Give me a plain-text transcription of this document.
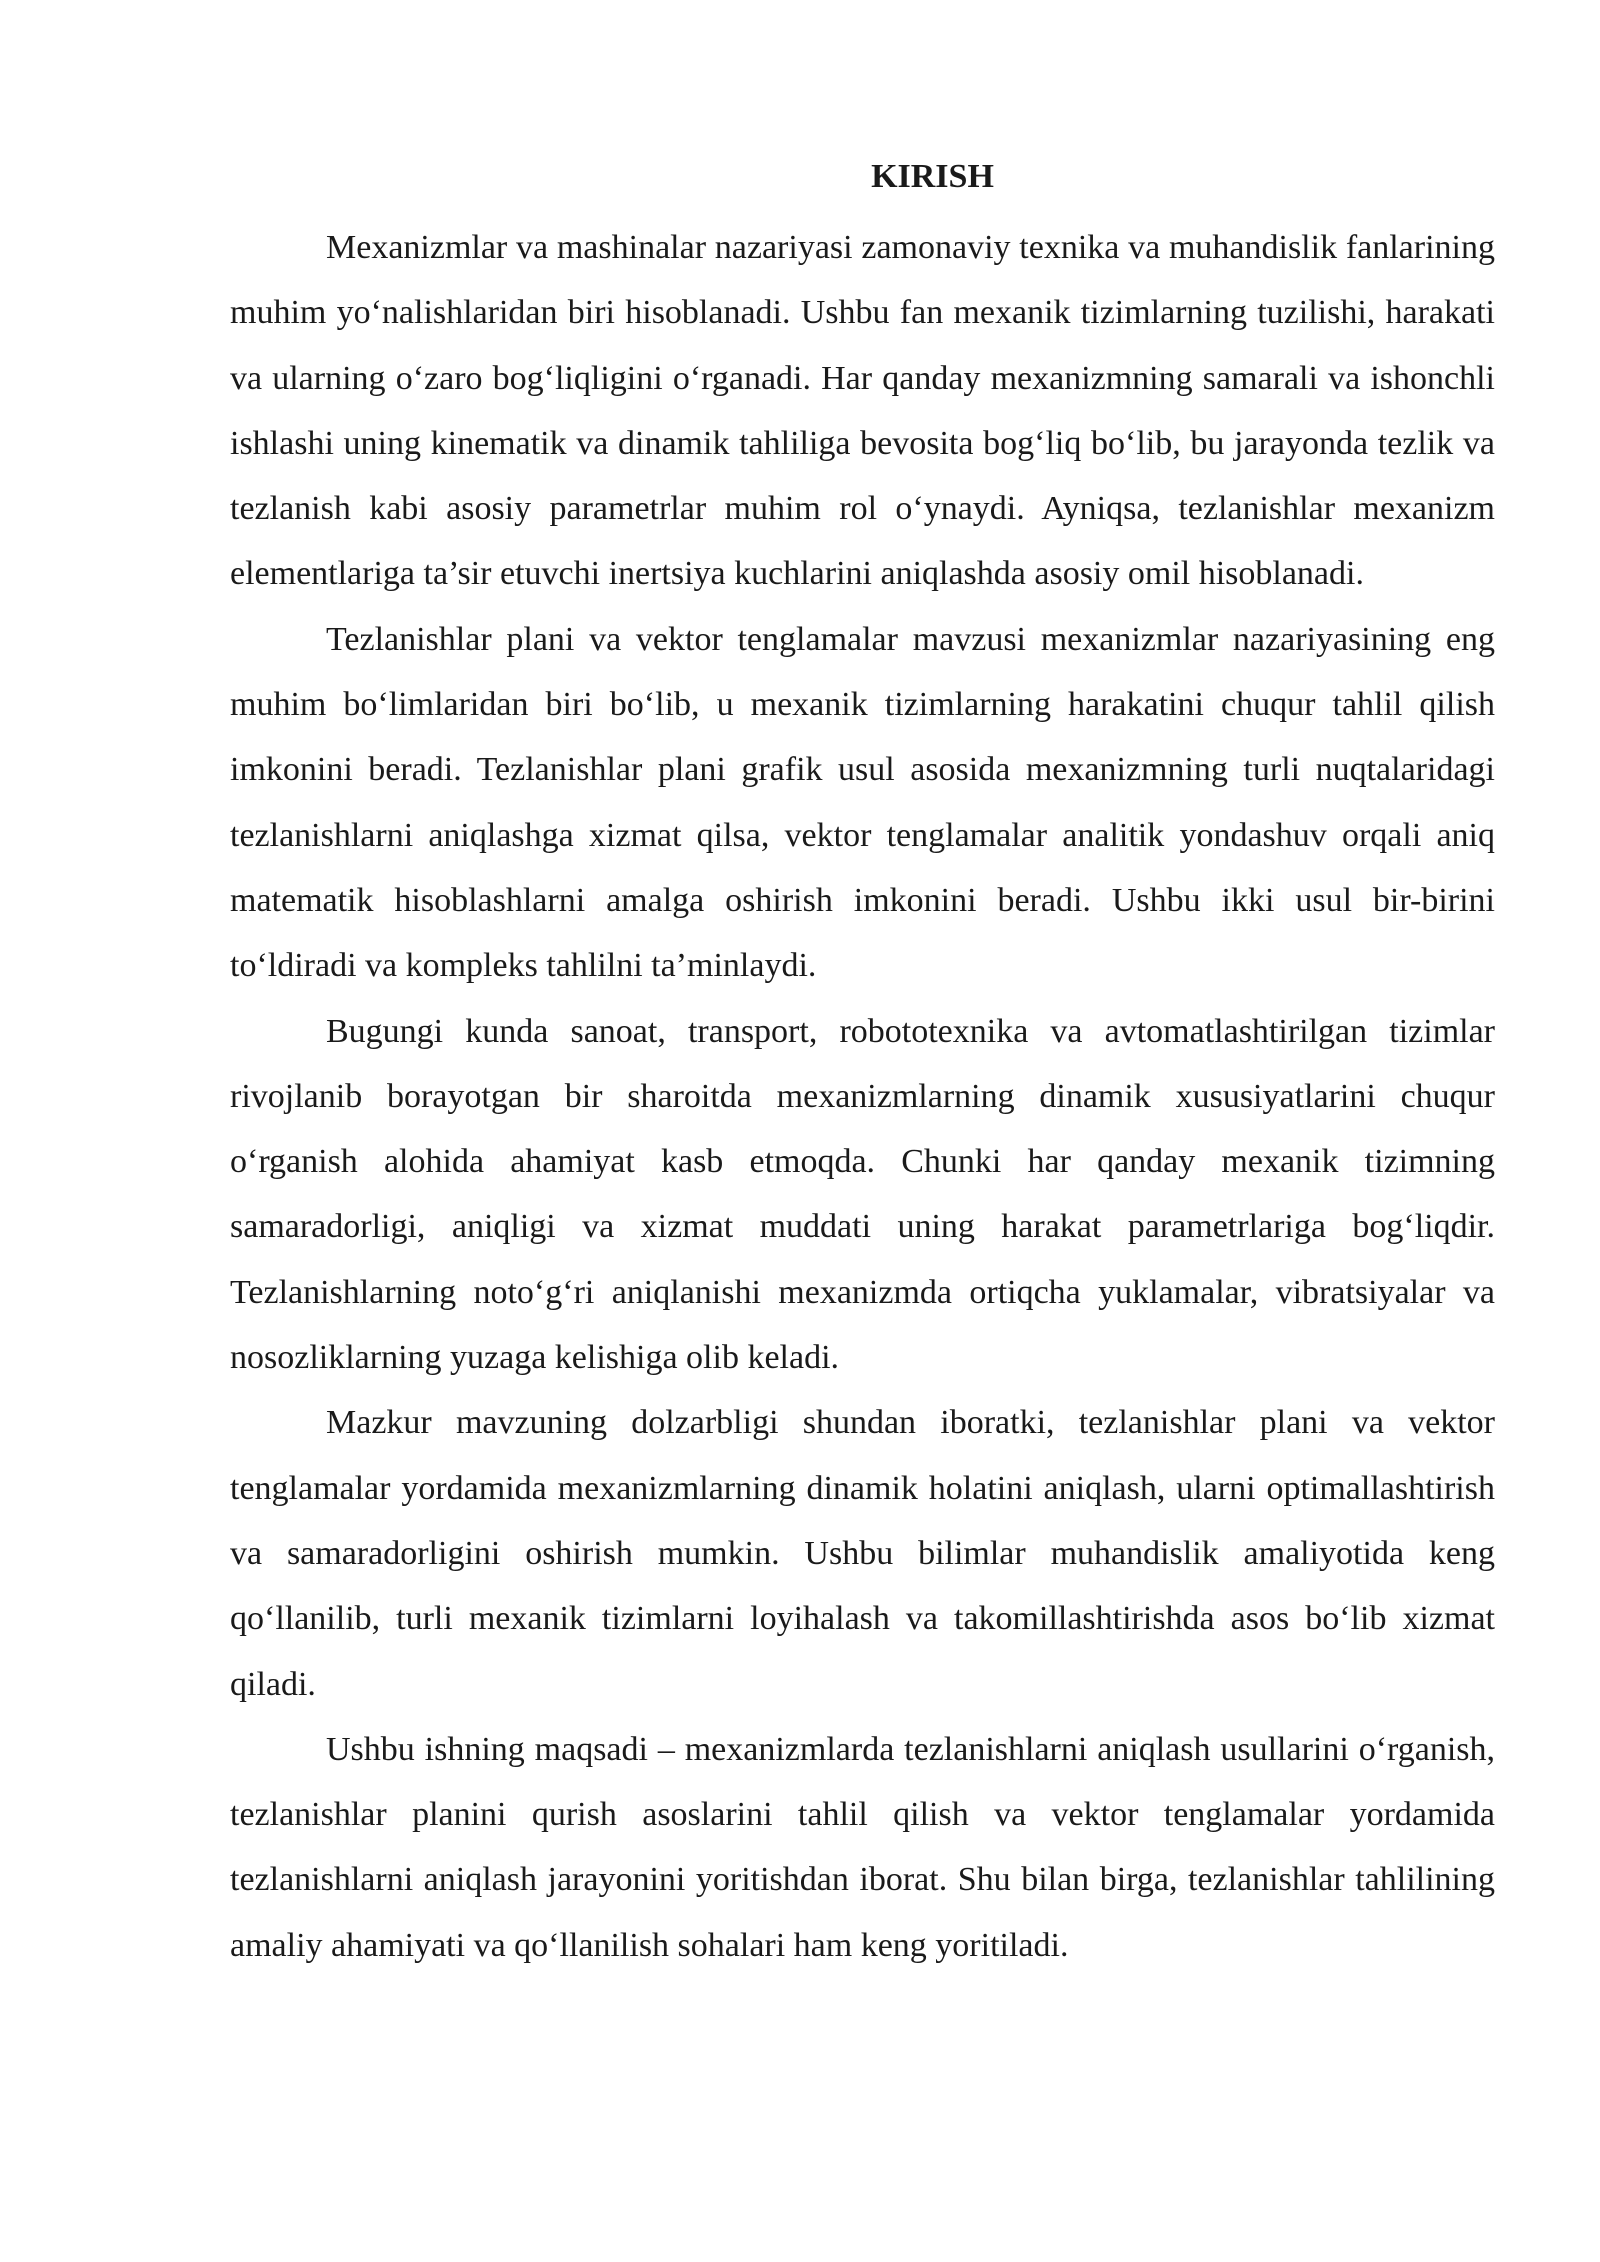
KIRISH

Mexanizmlar va mashinalar nazariyasi zamonaviy texnika va muhandislik fanlarining muhim yo‘nalishlaridan biri hisoblanadi. Ushbu fan mexanik tizimlarning tuzilishi, harakati va ularning o‘zaro bog‘liqligini o‘rganadi. Har qanday mexanizmning samarali va ishonchli ishlashi uning kinematik va dinamik tahliliga bevosita bog‘liq bo‘lib, bu jarayonda tezlik va tezlanish kabi asosiy parametrlar muhim rol o‘ynaydi. Ayniqsa, tezlanishlar mexanizm elementlariga ta’sir etuvchi inertsiya kuchlarini aniqlashda asosiy omil hisoblanadi.

Tezlanishlar plani va vektor tenglamalar mavzusi mexanizmlar nazariyasining eng muhim bo‘limlaridan biri bo‘lib, u mexanik tizimlarning harakatini chuqur tahlil qilish imkonini beradi. Tezlanishlar plani grafik usul asosida mexanizmning turli nuqtalaridagi tezlanishlarni aniqlashga xizmat qilsa, vektor tenglamalar analitik yondashuv orqali aniq matematik hisoblashlarni amalga oshirish imkonini beradi. Ushbu ikki usul bir-birini to‘ldiradi va kompleks tahlilni ta’minlaydi.

Bugungi kunda sanoat, transport, robototexnika va avtomatlashtirilgan tizimlar rivojlanib borayotgan bir sharoitda mexanizmlarning dinamik xususiyatlarini chuqur o‘rganish alohida ahamiyat kasb etmoqda. Chunki har qanday mexanik tizimning samaradorligi, aniqligi va xizmat muddati uning harakat parametrlariga bog‘liqdir. Tezlanishlarning noto‘g‘ri aniqlanishi mexanizmda ortiqcha yuklamalar, vibratsiyalar va nosozliklarning yuzaga kelishiga olib keladi.

Mazkur mavzuning dolzarbligi shundan iboratki, tezlanishlar plani va vektor tenglamalar yordamida mexanizmlarning dinamik holatini aniqlash, ularni optimallashtirish va samaradorligini oshirish mumkin. Ushbu bilimlar muhandislik amaliyotida keng qo‘llanilib, turli mexanik tizimlarni loyihalash va takomillashtirishda asos bo‘lib xizmat qiladi.

Ushbu ishning maqsadi – mexanizmlarda tezlanishlarni aniqlash usullarini o‘rganish, tezlanishlar planini qurish asoslarini tahlil qilish va vektor tenglamalar yordamida tezlanishlarni aniqlash jarayonini yoritishdan iborat. Shu bilan birga, tezlanishlar tahlilining amaliy ahamiyati va qo‘llanilish sohalari ham keng yoritiladi.
